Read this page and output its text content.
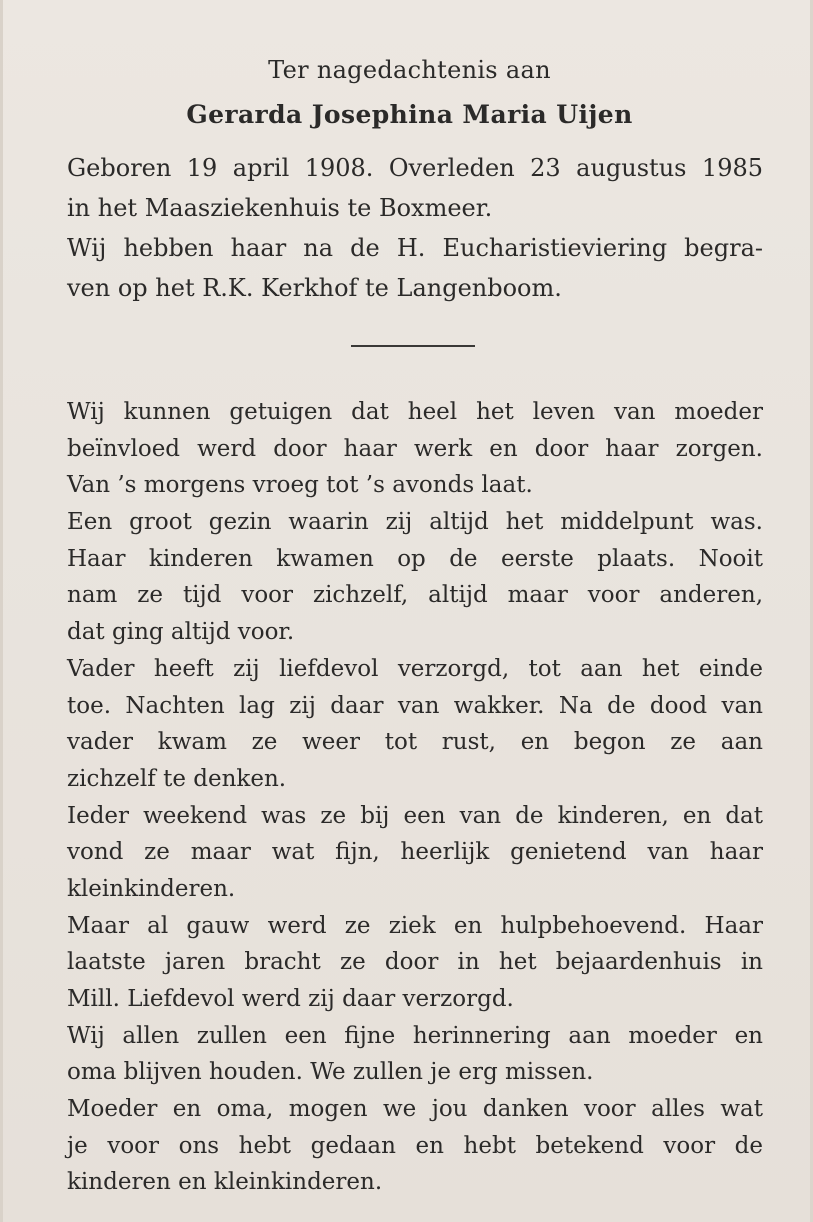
Ter nagedachtenis aan
Gerarda Josephina Maria Uijen
Geboren 19 april 1908. Overleden 23 augustus 1985
in het Maasziekenhuis te Boxmeer.
Wij hebben haar na de H. Eucharistieviering begra-
ven op het R.K. Kerkhof te Langenboom.
Wij kunnen getuigen dat heel het leven van moeder
beïnvloed werd door haar werk en door haar zorgen.
Van ’s morgens vroeg tot ’s avonds laat.
Een groot gezin waarin zij altijd het middelpunt was.
Haar kinderen kwamen op de eerste plaats. Nooit
nam ze tijd voor zichzelf, altijd maar voor anderen,
dat ging altijd voor.
Vader heeft zij liefdevol verzorgd, tot aan het einde
toe. Nachten lag zij daar van wakker. Na de dood van
vader kwam ze weer tot rust, en begon ze aan
zichzelf te denken.
Ieder weekend was ze bij een van de kinderen, en dat
vond ze maar wat fijn, heerlijk genietend van haar
kleinkinderen.
Maar al gauw werd ze ziek en hulpbehoevend. Haar
laatste jaren bracht ze door in het bejaardenhuis in
Mill. Liefdevol werd zij daar verzorgd.
Wij allen zullen een fijne herinnering aan moeder en
oma blijven houden. We zullen je erg missen.
Moeder en oma, mogen we jou danken voor alles wat
je voor ons hebt gedaan en hebt betekend voor de
kinderen en kleinkinderen.
